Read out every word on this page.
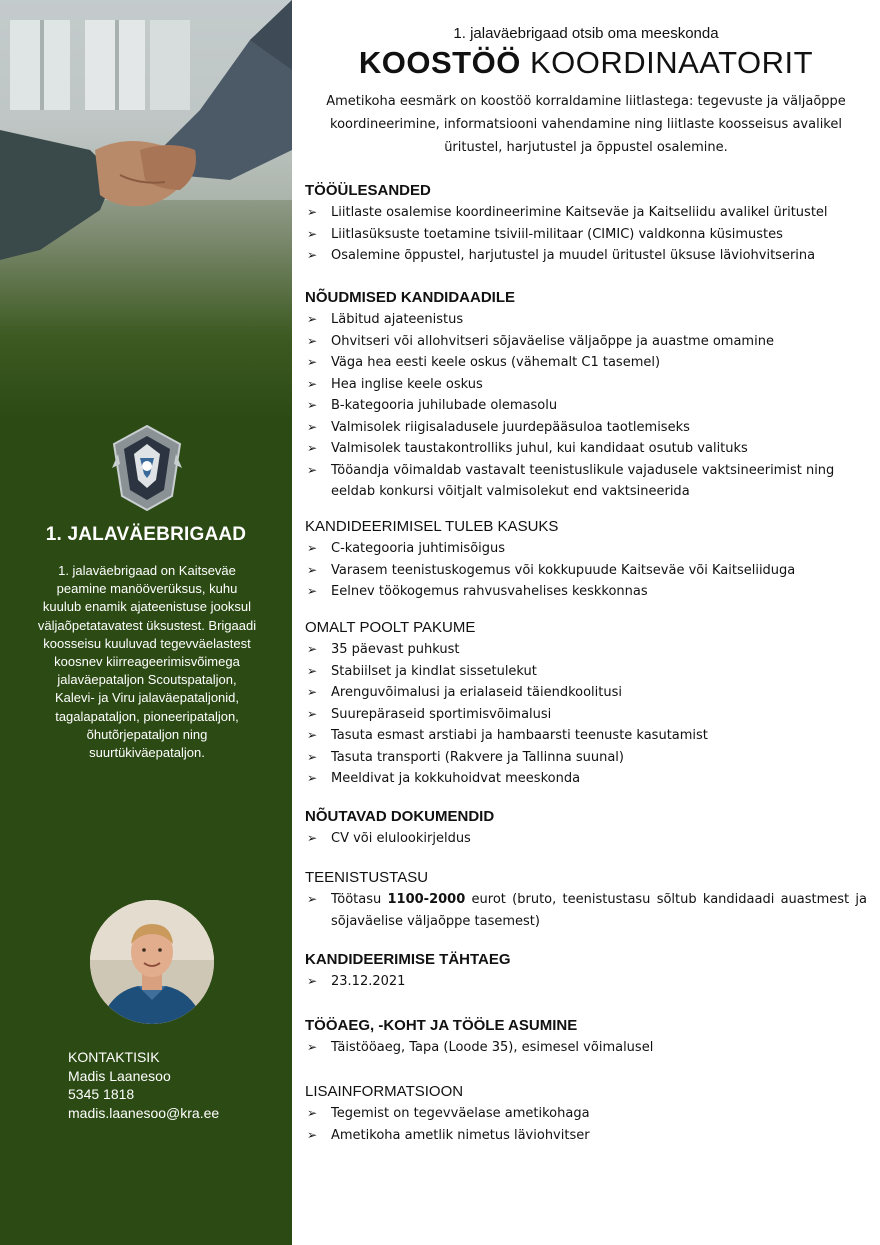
1. JALAVÄEBRIGAAD
1. jalaväebrigaad on Kaitseväe peamine manööverüksus, kuhu kuulub enamik ajateenistuse jooksul väljaõpetatavatest üksustest. Brigaadi koosseisu kuuluvad tegevväelastest koosnev kiirreageerimisvõimega jalaväepataljon Scoutspataljon, Kalevi- ja Viru jalaväepataljonid, tagalapataljon, pioneeripataljon, õhutõrjepataljon ning suurtükiväepataljon.
KONTAKTISIK
Madis Laanesoo
5345 1818
madis.laanesoo@kra.ee
1. jalaväebrigaad otsib oma meeskonda
KOOSTÖÖ KOORDINAATORIT
Ametikoha eesmärk on koostöö korraldamine liitlastega: tegevuste ja väljaõppe koordineerimine, informatsiooni vahendamine ning liitlaste koosseisus avalikel üritustel, harjutustel ja õppustel osalemine.
TÖÖÜLESANDED
➢ Liitlaste osalemise koordineerimine Kaitseväe ja Kaitseliidu avalikel üritustel
➢ Liitlasüksuste toetamine tsiviil-militaar (CIMIC) valdkonna küsimustes
➢ Osalemine õppustel, harjutustel ja muudel üritustel üksuse läviohvitserina
NÕUDMISED KANDIDAADILE
➢ Läbitud ajateenistus
➢ Ohvitseri või allohvitseri sõjaväelise väljaõppe ja auastme omamine
➢ Väga hea eesti keele oskus (vähemalt C1 tasemel)
➢ Hea inglise keele oskus
➢ B-kategooria juhilubade olemasolu
➢ Valmisolek riigisaladusele juurdepääsuloa taotlemiseks
➢ Valmisolek taustakontrolliks juhul, kui kandidaat osutub valituks
➢ Tööandja võimaldab vastavalt teenistuslikule vajadusele vaktsineerimist ning eeldab konkursi võitjalt valmisolekut end vaktsineerida
KANDIDEERIMISEL TULEB KASUKS
➢ C-kategooria juhtimisõigus
➢ Varasem teenistuskogemus või kokkupuude Kaitseväe või Kaitseliiduga
➢ Eelnev töökogemus rahvusvahelises keskkonnas
OMALT POOLT PAKUME
➢ 35 päevast puhkust
➢ Stabiilset ja kindlat sissetulekut
➢ Arenguvõimalusi ja erialaseid täiendkoolitusi
➢ Suurepäraseid sportimisvõimalusi
➢ Tasuta esmast arstiabi ja hambaarsti teenuste kasutamist
➢ Tasuta transporti (Rakvere ja Tallinna suunal)
➢ Meeldivat ja kokkuhoidvat meeskonda
NÕUTAVAD DOKUMENDID
➢ CV või elulookirjeldus
TEENISTUSTASU
➢ Töötasu 1100-2000 eurot (bruto, teenistustasu sõltub kandidaadi auastmest ja sõjaväelise väljaõppe tasemest)
KANDIDEERIMISE TÄHTAEG
➢ 23.12.2021
TÖÖAEG, -KOHT JA TÖÖLE ASUMINE
➢ Täistööaeg, Tapa (Loode 35), esimesel võimalusel
LISAINFORMATSIOON
➢ Tegemist on tegevväelase ametikohaga
➢ Ametikoha ametlik nimetus läviohvitser
